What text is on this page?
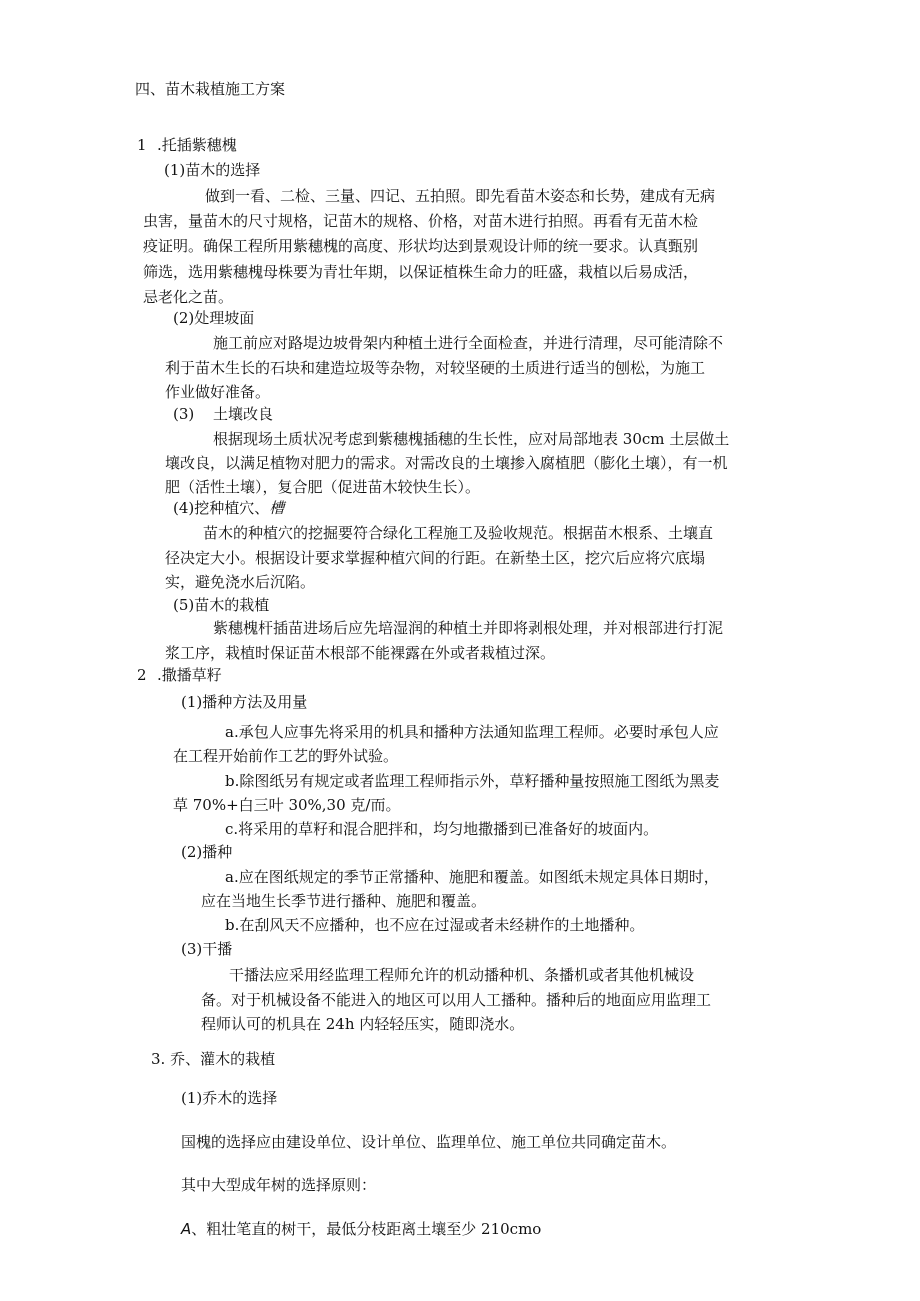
四、苗木栽植施工方案
1 .托插紫穗槐
(1)苗木的选择
做到一看、二检、三量、四记、五拍照。即先看苗木姿态和长势，建成有无病
虫害，量苗木的尺寸规格，记苗木的规格、价格，对苗木进行拍照。再看有无苗木检
疫证明。确保工程所用紫穗槐的高度、形状均达到景观设计师的统一要求。认真甄别
筛选，选用紫穗槐母株要为青壮年期，以保证植株生命力的旺盛，栽植以后易成活，
忌老化之苗。
(2)处理坡面
施工前应对路堤边坡骨架内种植土进行全面检查，并进行清理，尽可能清除不
利于苗木生长的石块和建造垃圾等杂物，对较坚硬的土质进行适当的刨松，为施工
作业做好准备。
(3) 土壤改良
根据现场土质状况考虑到紫穗槐插穗的生长性，应对局部地表 30cm 土层做土
壤改良，以满足植物对肥力的需求。对需改良的土壤掺入腐植肥（膨化土壤），有一机
肥（活性土壤），复合肥（促进苗木较快生长）。
(4)挖种植穴、槽
苗木的种植穴的挖掘要符合绿化工程施工及验收规范。根据苗木根系、土壤直
径决定大小。根据设计要求掌握种植穴间的行距。在新垫土区，挖穴后应将穴底塌
实，避免浇水后沉陷。
(5)苗木的栽植
紫穗槐杆插苗进场后应先培湿润的种植土并即将剥根处理，并对根部进行打泥
浆工序，栽植时保证苗木根部不能裸露在外或者栽植过深。
2 .撒播草籽
(1)播种方法及用量
a.承包人应事先将采用的机具和播种方法通知监理工程师。必要时承包人应
在工程开始前作工艺的野外试验。
b.除图纸另有规定或者监理工程师指示外，草籽播种量按照施工图纸为黑麦
草 70%+白三叶 30%,30 克/而。
c.将采用的草籽和混合肥拌和，均匀地撒播到已准备好的坡面内。
(2)播种
a.应在图纸规定的季节正常播种、施肥和覆盖。如图纸未规定具体日期时，
应在当地生长季节进行播种、施肥和覆盖。
b.在刮风天不应播种，也不应在过湿或者未经耕作的土地播种。
(3)干播
干播法应采用经监理工程师允许的机动播种机、条播机或者其他机械设
备。对于机械设备不能进入的地区可以用人工播种。播种后的地面应用监理工
程师认可的机具在 24h 内轻轻压实，随即浇水。
3. 乔、灌木的栽植
(1)乔木的选择
国槐的选择应由建设单位、设计单位、监理单位、施工单位共同确定苗木。
其中大型成年树的选择原则：
A、粗壮笔直的树干，最低分枝距离土壤至少 210cmo
